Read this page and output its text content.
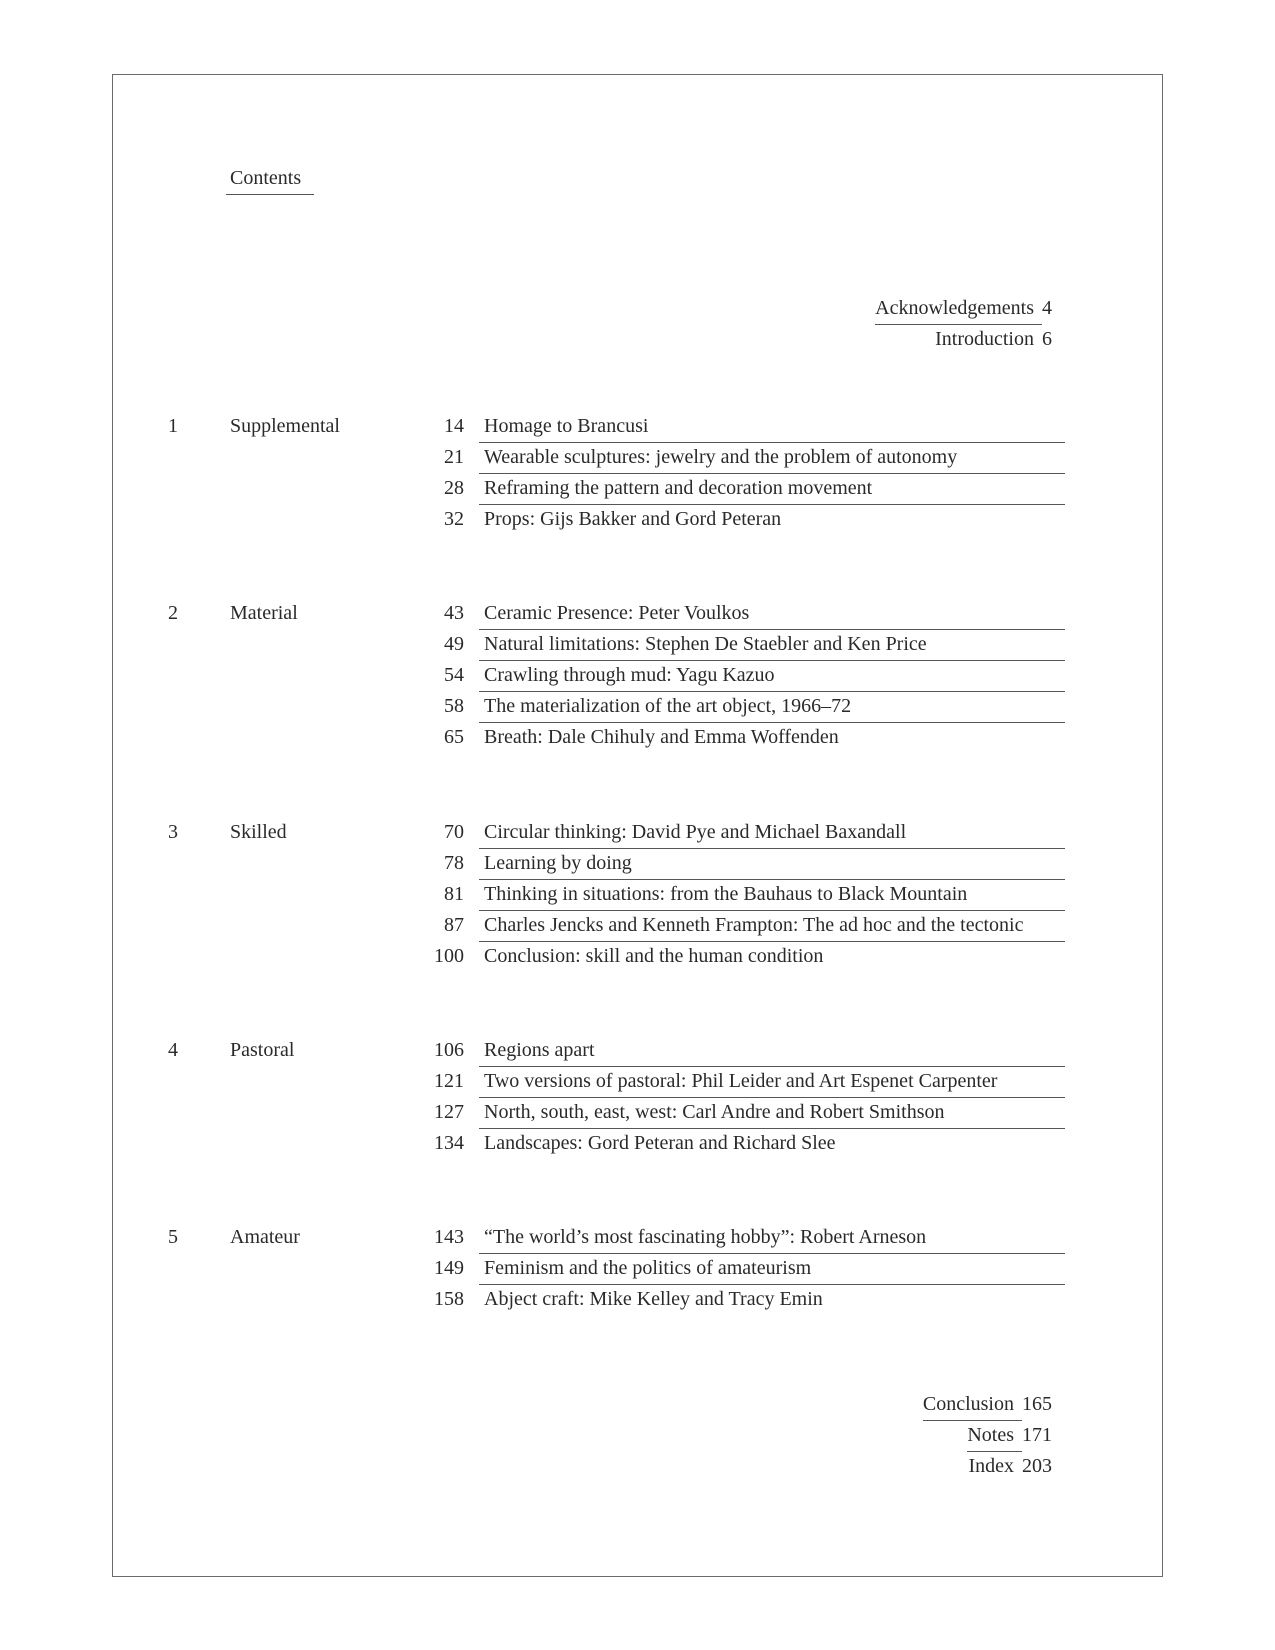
Contents
Acknowledgements 4
Introduction 6
1	Supplemental	14 Homage to Brancusi
21 Wearable sculptures: jewelry and the problem of autonomy
28 Reframing the pattern and decoration movement
32 Props: Gijs Bakker and Gord Peteran
2	Material	43 Ceramic Presence: Peter Voulkos
49 Natural limitations: Stephen De Staebler and Ken Price
54 Crawling through mud: Yagu Kazuo
58 The materialization of the art object, 1966–72
65 Breath: Dale Chihuly and Emma Woffenden
3	Skilled	70 Circular thinking: David Pye and Michael Baxandall
78 Learning by doing
81 Thinking in situations: from the Bauhaus to Black Mountain
87 Charles Jencks and Kenneth Frampton: The ad hoc and the tectonic
100 Conclusion: skill and the human condition
4	Pastoral	106 Regions apart
121 Two versions of pastoral: Phil Leider and Art Espenet Carpenter
127 North, south, east, west: Carl Andre and Robert Smithson
134 Landscapes: Gord Peteran and Richard Slee
5	Amateur	143 “The world’s most fascinating hobby”: Robert Arneson
149 Feminism and the politics of amateurism
158 Abject craft: Mike Kelley and Tracy Emin
Conclusion 165
Notes 171
Index 203
